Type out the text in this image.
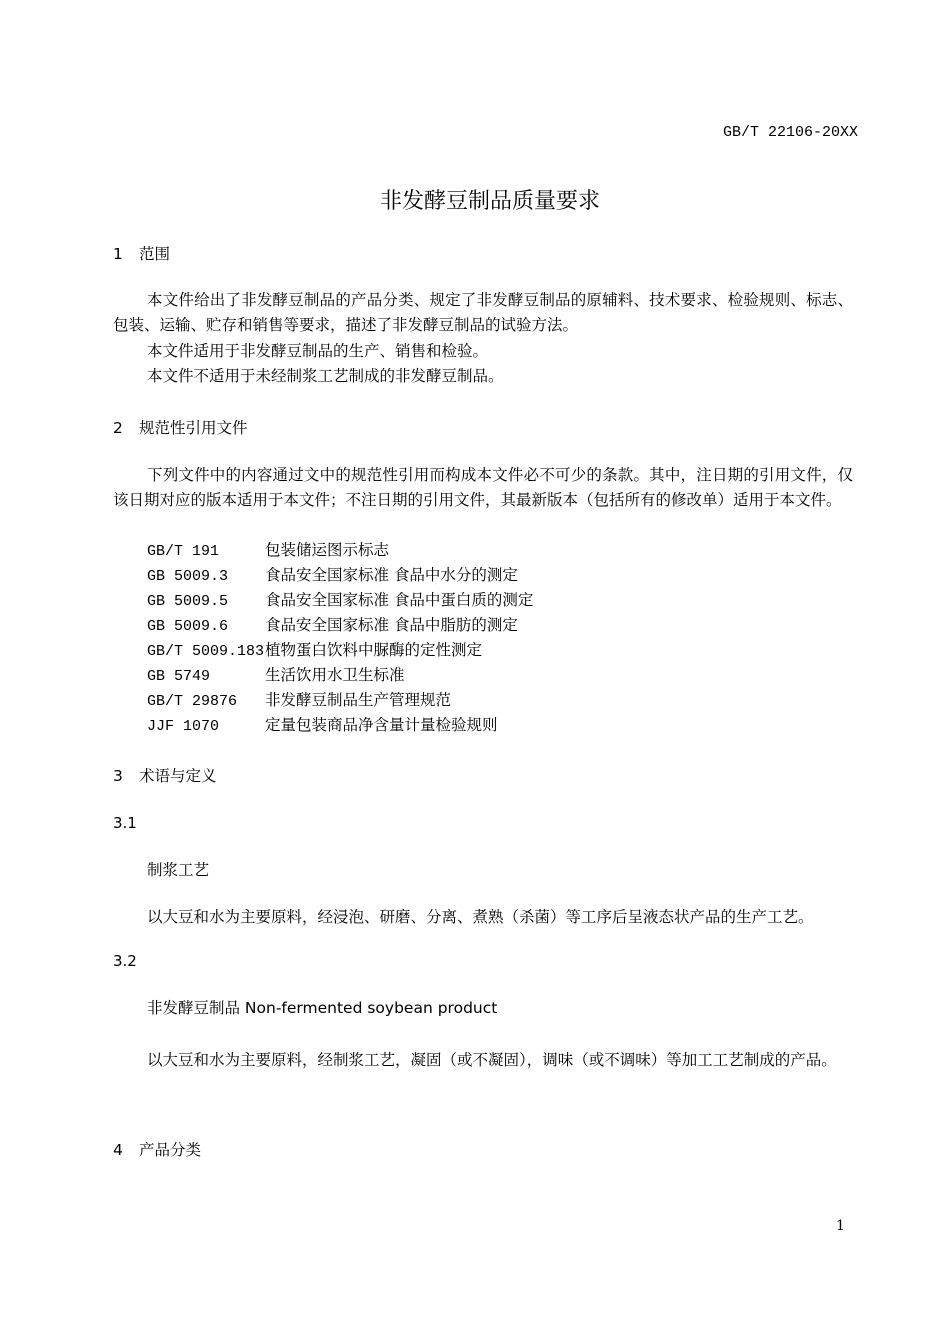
GB/T 22106-20XX
非发酵豆制品质量要求
1 范围
本文件给出了非发酵豆制品的产品分类、规定了非发酵豆制品的原辅料、技术要求、检验规则、标志、包装、运输、贮存和销售等要求，描述了非发酵豆制品的试验方法。
本文件适用于非发酵豆制品的生产、销售和检验。
本文件不适用于未经制浆工艺制成的非发酵豆制品。
2 规范性引用文件
下列文件中的内容通过文中的规范性引用而构成本文件必不可少的条款。其中，注日期的引用文件，仅该日期对应的版本适用于本文件；不注日期的引用文件，其最新版本（包括所有的修改单）适用于本文件。
GB/T 191	包装储运图示标志
GB 5009.3 食品安全国家标准 食品中水分的测定
GB 5009.5 食品安全国家标准 食品中蛋白质的测定
GB 5009.6 食品安全国家标准 食品中脂肪的测定
GB/T 5009.183植物蛋白饮料中脲酶的定性测定
GB 5749	生活饮用水卫生标准
GB/T 29876 非发酵豆制品生产管理规范
JJF 1070	定量包装商品净含量计量检验规则
3 术语与定义
3.1
制浆工艺
以大豆和水为主要原料，经浸泡、研磨、分离、煮熟（杀菌）等工序后呈液态状产品的生产工艺。
3.2
非发酵豆制品 Non-fermented soybean product
以大豆和水为主要原料，经制浆工艺，凝固（或不凝固），调味（或不调味）等加工工艺制成的产品。
4 产品分类
1
